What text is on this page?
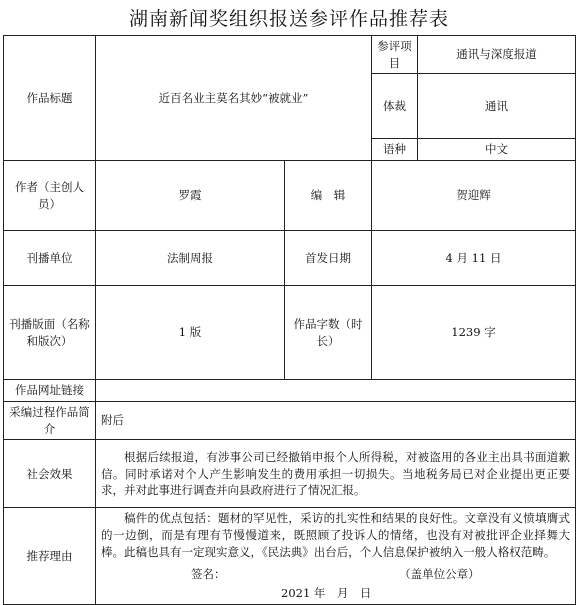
湖南新闻奖组织报送参评作品推荐表
作品标题	近百名业主莫名其妙“被就业”		参评项目	通讯与深度报道
			体裁	通讯
			语种	中文
作者（主创人员）	罗霞	编　辑	贺迎辉	
刊播单位	法制周报	首发日期	4 月 11 日	
刊播版面（名称和版次）	1 版	作品字数（时长）	1239 字	
作品网址链接				
采编过程作品简介	附后			
社会效果	根据后续报道，有涉事公司已经撤销申报个人所得税，对被盗用的各业主出具书面道歉信。同时承诺对个人产生影响发生的费用承担一切损失。当地税务局已对企业提出更正要求，并对此事进行调查并向县政府进行了情况汇报。			
推荐理由	稿件的优点包括：题材的罕见性，采访的扎实性和结果的良好性。文章没有义愤填膺式的一边倒，而是有理有节慢慢道来，既照顾了投诉人的情绪，也没有对被批评企业择舞大棒。此稿也具有一定现实意义，《民法典》出台后，个人信息保护被纳入一般人格权范畴。
签名： （盖单位公章）
2021 年　月　日			
